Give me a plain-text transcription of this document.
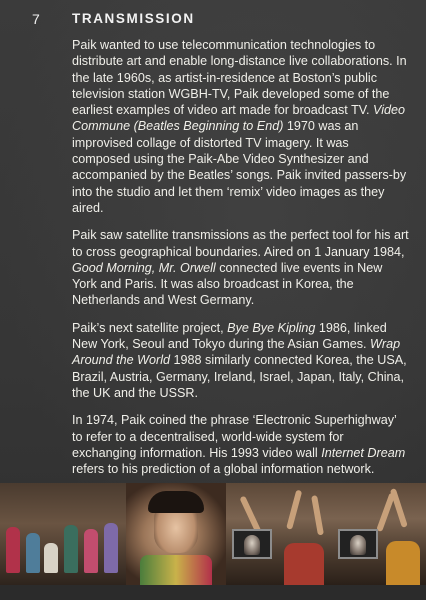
7 TRANSMISSION

Paik wanted to use telecommunication technologies to distribute art and enable long-distance live collaborations. In the late 1960s, as artist-in-residence at Boston’s public television station WGBH-TV, Paik developed some of the earliest examples of video art made for broadcast TV. Video Commune (Beatles Beginning to End) 1970 was an improvised collage of distorted TV imagery. It was composed using the Paik-Abe Video Synthesizer and accompanied by the Beatles’ songs. Paik invited passers-by into the studio and let them ‘remix’ video images as they aired.

Paik saw satellite transmissions as the perfect tool for his art to cross geographical boundaries. Aired on 1 January 1984, Good Morning, Mr. Orwell connected live events in New York and Paris. It was also broadcast in Korea, the Netherlands and West Germany.

Paik’s next satellite project, Bye Bye Kipling 1986, linked New York, Seoul and Tokyo during the Asian Games. Wrap Around the World 1988 similarly connected Korea, the USA, Brazil, Austria, Germany, Ireland, Israel, Japan, Italy, China, the UK and the USSR.

In 1974, Paik coined the phrase ‘Electronic Superhighway’ to refer to a decentralised, world-wide system for exchanging information. His 1993 video wall Internet Dream refers to his prediction of a global information network.
